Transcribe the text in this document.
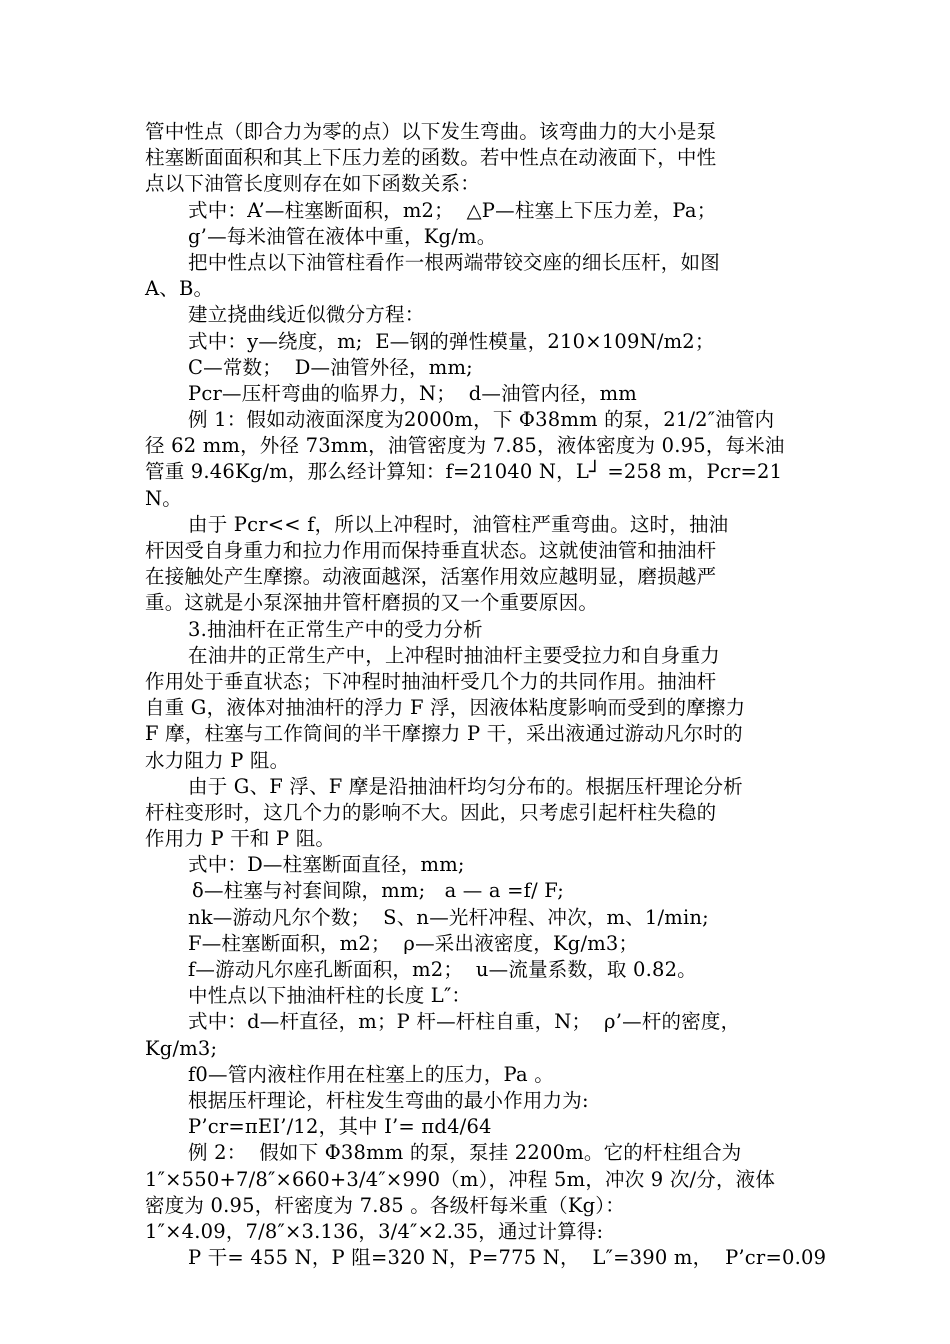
管中性点（即合力为零的点）以下发生弯曲。该弯曲力的大小是泵
柱塞断面面积和其上下压力差的函数。若中性点在动液面下，中性
点以下油管长度则存在如下函数关系：
式中：A’—柱塞断面积，m2；  △P—柱塞上下压力差，Pa；
g’—每米油管在液体中重，Kg/m。
把中性点以下油管柱看作一根两端带铰交座的细长压杆，如图
A、B。
建立挠曲线近似微分方程：
式中：y—绕度，m;  E—钢的弹性模量，210×109N/m2；
C—常数；  D—油管外径，mm;
Pcr—压杆弯曲的临界力，N；  d—油管内径，mm
例 1：假如动液面深度为2000m，下 Φ38mm 的泵，21/2″油管内
径 62 mm，外径 73mm，油管密度为 7.85，液体密度为 0.95，每米油
管重 9.46Kg/m，那么经计算知：f=21040 N，L┘ =258 m，Pcr=21
N。
由于 Pcr<< f，所以上冲程时，油管柱严重弯曲。这时，抽油
杆因受自身重力和拉力作用而保持垂直状态。这就使油管和抽油杆
在接触处产生摩擦。动液面越深，活塞作用效应越明显，磨损越严
重。这就是小泵深抽井管杆磨损的又一个重要原因。
3.抽油杆在正常生产中的受力分析
在油井的正常生产中，上冲程时抽油杆主要受拉力和自身重力
作用处于垂直状态；下冲程时抽油杆受几个力的共同作用。抽油杆
自重 G，液体对抽油杆的浮力 F 浮，因液体粘度影响而受到的摩擦力
F 摩，柱塞与工作筒间的半干摩擦力 P 干，采出液通过游动凡尔时的
水力阻力 P 阻。
由于 G、F 浮、F 摩是沿抽油杆均匀分布的。根据压杆理论分析
杆柱变形时，这几个力的影响不大。因此，只考虑引起杆柱失稳的
作用力 P 干和 P 阻。
式中：D—柱塞断面直径，mm;
δ—柱塞与衬套间隙，mm;   a — a =f/ F;
nk—游动凡尔个数；  S、n—光杆冲程、冲次，m、1/min;
F—柱塞断面积，m2；  ρ—采出液密度，Kg/m3；
f—游动凡尔座孔断面积，m2；  u—流量系数，取 0.82。
中性点以下抽油杆柱的长度 L″：
式中：d—杆直径，m；P 杆—杆柱自重，N；  ρ’—杆的密度，
Kg/m3;
f0—管内液柱作用在柱塞上的压力，Pa 。
根据压杆理论，杆柱发生弯曲的最小作用力为:
P’cr=πEI’/12，其中 I’= πd4/64
例 2：  假如下 Φ38mm 的泵，泵挂 2200m。它的杆柱组合为
1″×550+7/8″×660+3/4″×990（m），冲程 5m，冲次 9 次/分，液体
密度为 0.95，杆密度为 7.85 。各级杆每米重（Kg）：
1″×4.09，7/8″×3.136，3/4″×2.35，通过计算得:
P 干= 455 N，P 阻=320 N，P=775 N，  L″=390 m，  P’cr=0.09
